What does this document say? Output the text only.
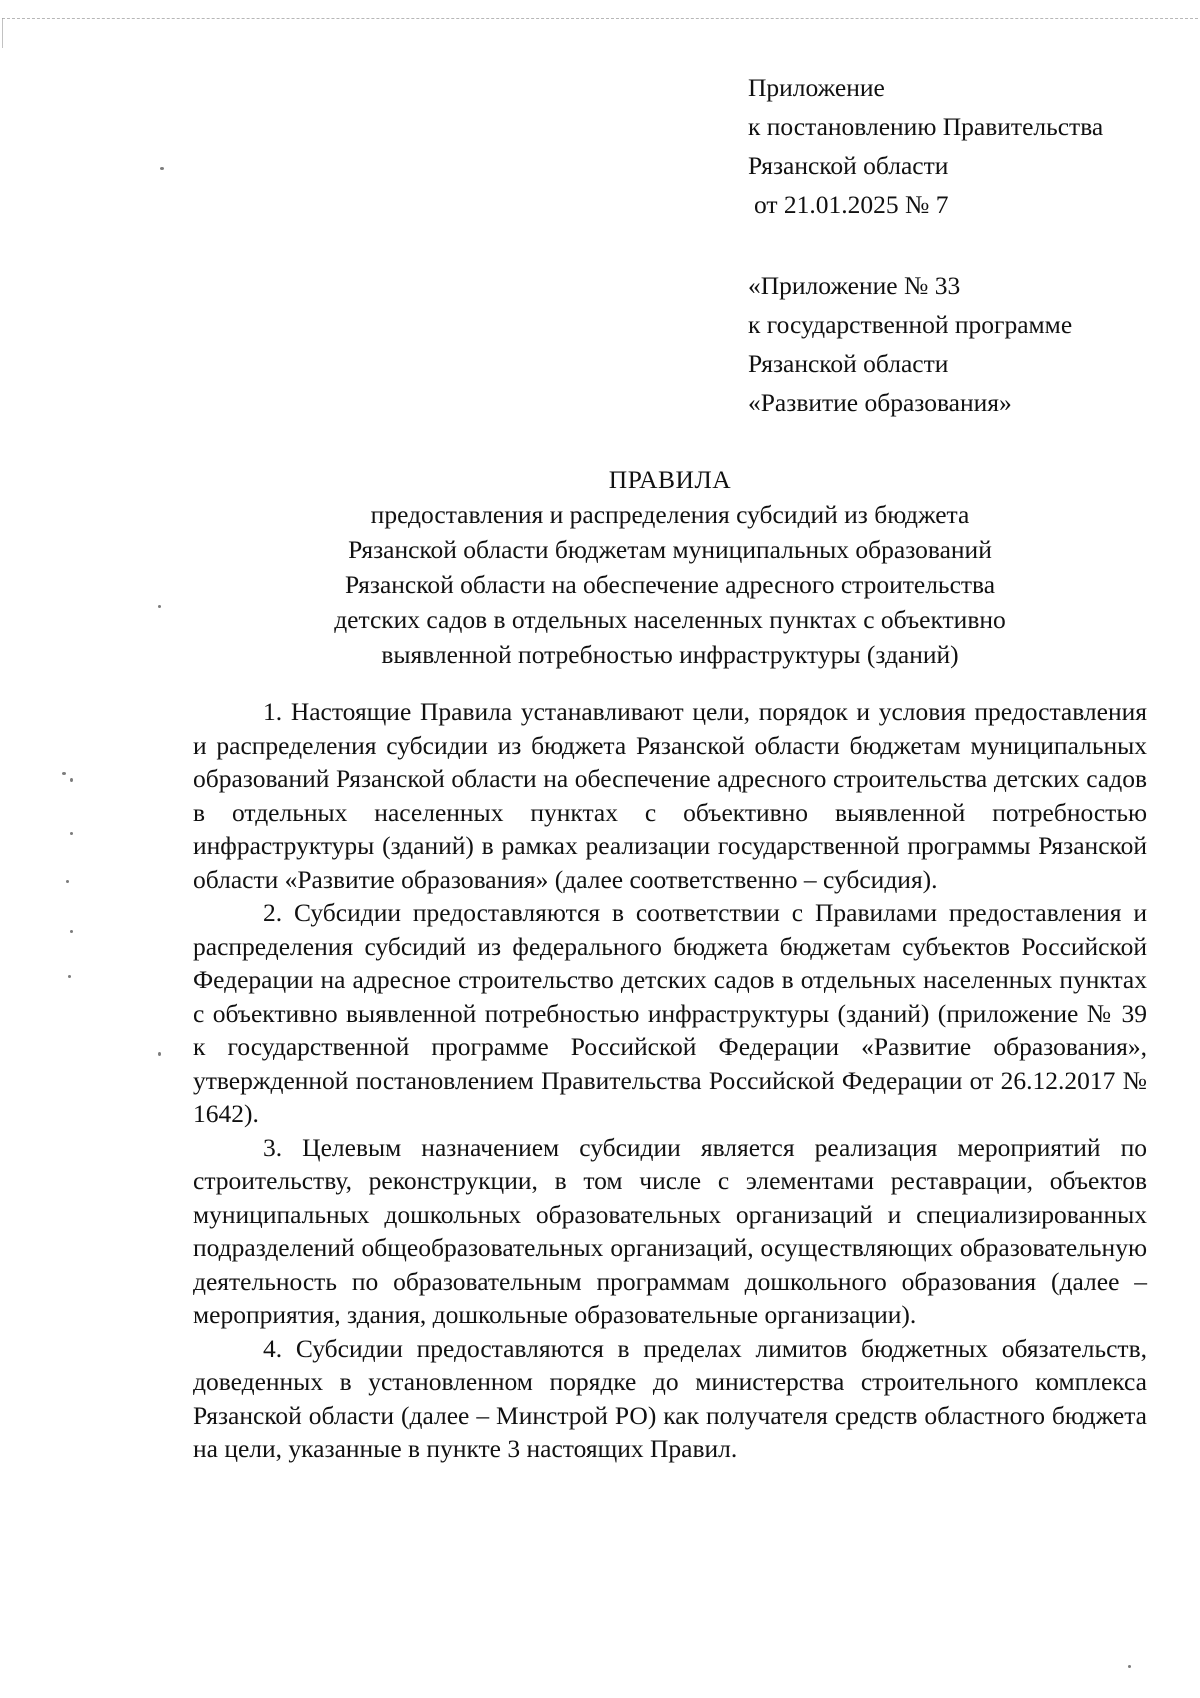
Приложение
к постановлению Правительства
Рязанской области
от 21.01.2025 № 7
«Приложение № 33
к государственной программе
Рязанской области
«Развитие образования»
ПРАВИЛА
предоставления и распределения субсидий из бюджета
Рязанской области бюджетам муниципальных образований
Рязанской области на обеспечение адресного строительства
детских садов в отдельных населенных пунктах с объективно
выявленной потребностью инфраструктуры (зданий)

1. Настоящие Правила устанавливают цели, порядок и условия предоставления и распределения субсидии из бюджета Рязанской области бюджетам муниципальных образований Рязанской области на обеспечение адресного строительства детских садов в отдельных населенных пунктах с объективно выявленной потребностью инфраструктуры (зданий) в рамках реализации государственной программы Рязанской области «Развитие образования» (далее соответственно – субсидия).

2. Субсидии предоставляются в соответствии с Правилами предоставления и распределения субсидий из федерального бюджета бюджетам субъектов Российской Федерации на адресное строительство детских садов в отдельных населенных пунктах с объективно выявленной потребностью инфраструктуры (зданий) (приложение № 39 к государственной программе Российской Федерации «Развитие образования», утвержденной постановлением Правительства Российской Федерации от 26.12.2017 № 1642).

3. Целевым назначением субсидии является реализация мероприятий по строительству, реконструкции, в том числе с элементами реставрации, объектов муниципальных дошкольных образовательных организаций и специализированных подразделений общеобразовательных организаций, осуществляющих образовательную деятельность по образовательным программам дошкольного образования (далее – мероприятия, здания, дошкольные образовательные организации).

4. Субсидии предоставляются в пределах лимитов бюджетных обязательств, доведенных в установленном порядке до министерства строительного комплекса Рязанской области (далее – Минстрой РО) как получателя средств областного бюджета на цели, указанные в пункте 3 настоящих Правил.
